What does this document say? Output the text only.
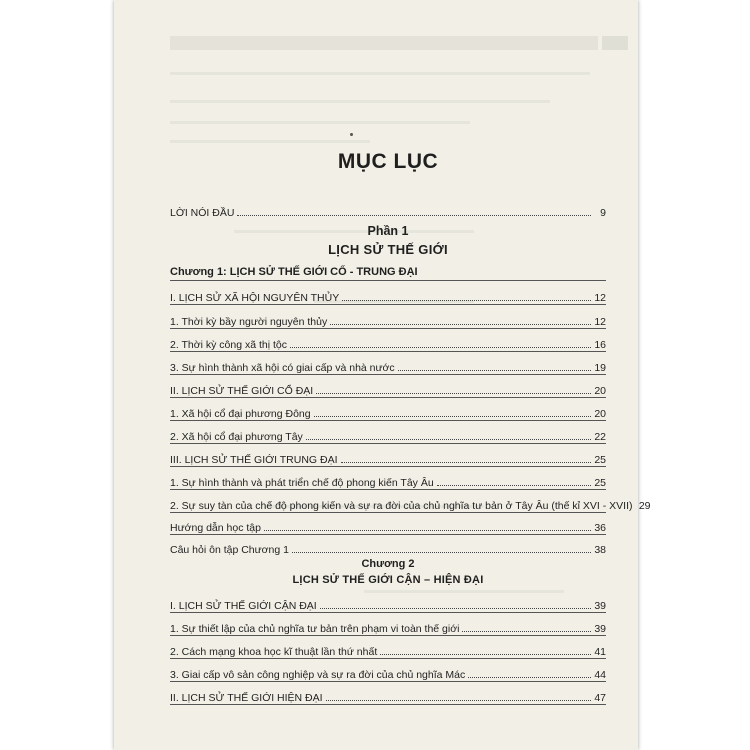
MỤC LỤC
LỜI NÓI ĐẦU	9
Phần 1
LỊCH SỬ THẾ GIỚI
Chương 1: LỊCH SỬ THẾ GIỚI CỔ - TRUNG ĐẠI
I. LỊCH SỬ XÃ HỘI NGUYÊN THỦY	12
1. Thời kỳ bầy người nguyên thủy	12
2. Thời kỳ công xã thị tộc	16
3. Sự hình thành xã hội có giai cấp và nhà nước	19
II. LỊCH SỬ THẾ GIỚI CỔ ĐẠI	20
1. Xã hội cổ đại phương Đông	20
2. Xã hội cổ đại phương Tây	22
III. LỊCH SỬ THẾ GIỚI TRUNG ĐẠI	25
1. Sự hình thành và phát triển chế độ phong kiến Tây Âu	25
2. Sự suy tàn của chế độ phong kiến và sự ra đời của chủ nghĩa tư bản ở Tây Âu (thế kỉ XVI - XVII) 29
Hướng dẫn học tập	36
Câu hỏi ôn tập Chương 1	38
Chương 2
LỊCH SỬ THẾ GIỚI CẬN – HIỆN ĐẠI
I. LỊCH SỬ THẾ GIỚI CẬN ĐẠI	39
1. Sự thiết lập của chủ nghĩa tư bản trên phạm vi toàn thế giới	39
2. Cách mạng khoa học kĩ thuật lần thứ nhất	41
3. Giai cấp vô sản công nghiệp và sự ra đời của chủ nghĩa Mác	44
II. LỊCH SỬ THẾ GIỚI HIỆN ĐẠI	47
